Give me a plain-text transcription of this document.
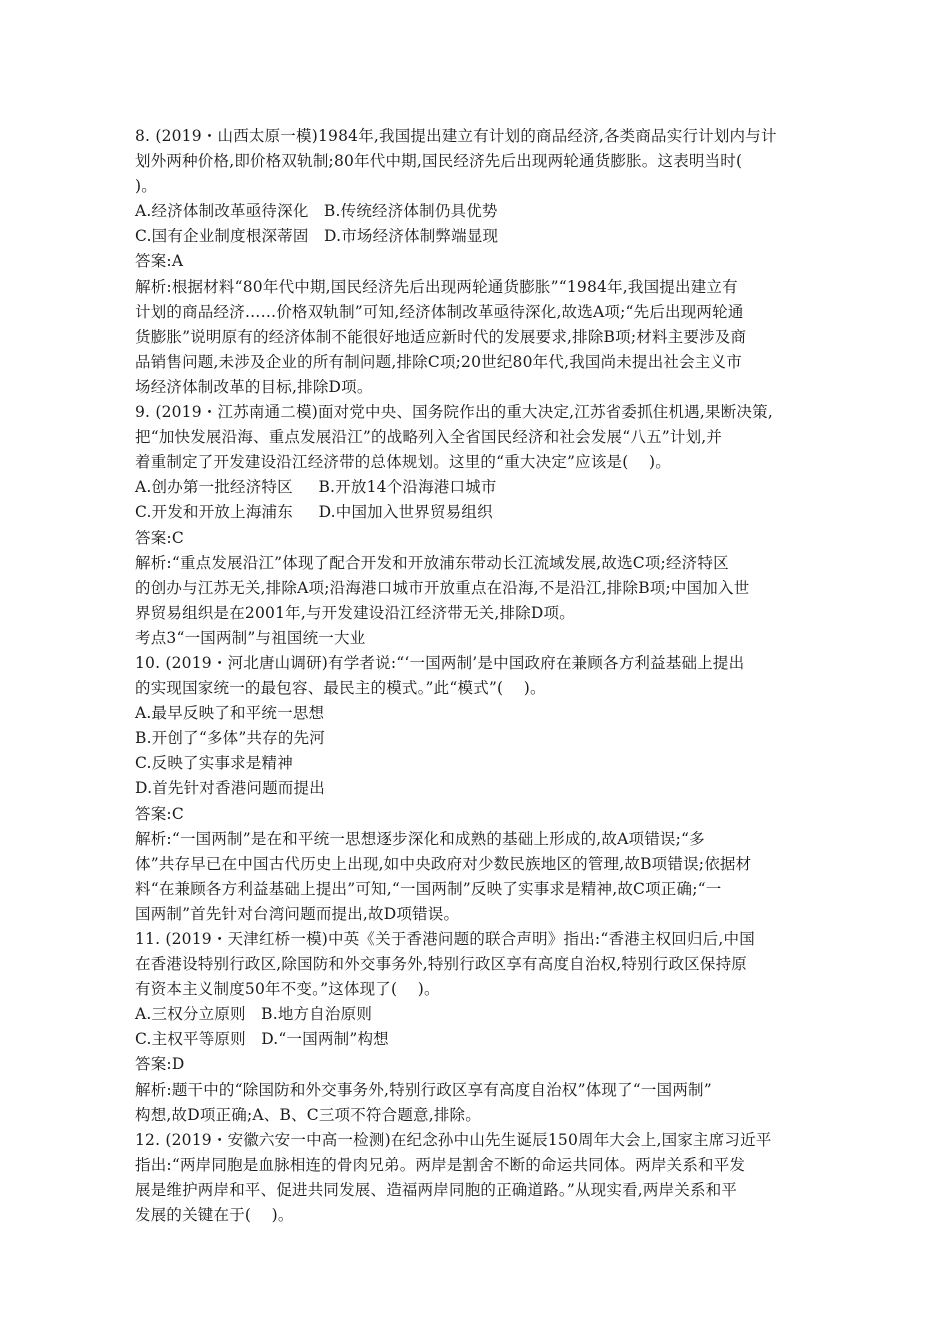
8. (2019・山西太原一模)1984年,我国提出建立有计划的商品经济,各类商品实行计划内与计
划外两种价格,即价格双轨制;80年代中期,国民经济先后出现两轮通货膨胀。这表明当时(
)。
A.经济体制改革亟待深化   B.传统经济体制仍具优势
C.国有企业制度根深蒂固   D.市场经济体制弊端显现
答案:A
解析:根据材料“80年代中期,国民经济先后出现两轮通货膨胀”“1984年,我国提出建立有
计划的商品经济……价格双轨制”可知,经济体制改革亟待深化,故选A项;“先后出现两轮通
货膨胀”说明原有的经济体制不能很好地适应新时代的发展要求,排除B项;材料主要涉及商
品销售问题,未涉及企业的所有制问题,排除C项;20世纪80年代,我国尚未提出社会主义市
场经济体制改革的目标,排除D项。
9. (2019・江苏南通二模)面对党中央、国务院作出的重大决定,江苏省委抓住机遇,果断决策,
把“加快发展沿海、重点发展沿江”的战略列入全省国民经济和社会发展“八五”计划,并
着重制定了开发建设沿江经济带的总体规划。这里的“重大决定”应该是(    )。
A.创办第一批经济特区     B.开放14个沿海港口城市
C.开发和开放上海浦东     D.中国加入世界贸易组织
答案:C
解析:“重点发展沿江”体现了配合开发和开放浦东带动长江流域发展,故选C项;经济特区
的创办与江苏无关,排除A项;沿海港口城市开放重点在沿海,不是沿江,排除B项;中国加入世
界贸易组织是在2001年,与开发建设沿江经济带无关,排除D项。
考点3“一国两制”与祖国统一大业
10. (2019・河北唐山调研)有学者说:“‘一国两制’是中国政府在兼顾各方利益基础上提出
的实现国家统一的最包容、最民主的模式。”此“模式”(    )。
A.最早反映了和平统一思想
B.开创了“多体”共存的先河
C.反映了实事求是精神
D.首先针对香港问题而提出
答案:C
解析:“一国两制”是在和平统一思想逐步深化和成熟的基础上形成的,故A项错误;“多
体”共存早已在中国古代历史上出现,如中央政府对少数民族地区的管理,故B项错误;依据材
料“在兼顾各方利益基础上提出”可知,“一国两制”反映了实事求是精神,故C项正确;“一
国两制”首先针对台湾问题而提出,故D项错误。
11. (2019・天津红桥一模)中英《关于香港问题的联合声明》指出:“香港主权回归后,中国
在香港设特别行政区,除国防和外交事务外,特别行政区享有高度自治权,特别行政区保持原
有资本主义制度50年不变。”这体现了(    )。
A.三权分立原则   B.地方自治原则
C.主权平等原则   D.“一国两制”构想
答案:D
解析:题干中的“除国防和外交事务外,特别行政区享有高度自治权”体现了“一国两制”
构想,故D项正确;A、B、C三项不符合题意,排除。
12. (2019・安徽六安一中高一检测)在纪念孙中山先生诞辰150周年大会上,国家主席习近平
指出:“两岸同胞是血脉相连的骨肉兄弟。两岸是割舍不断的命运共同体。两岸关系和平发
展是维护两岸和平、促进共同发展、造福两岸同胞的正确道路。”从现实看,两岸关系和平
发展的关键在于(    )。
